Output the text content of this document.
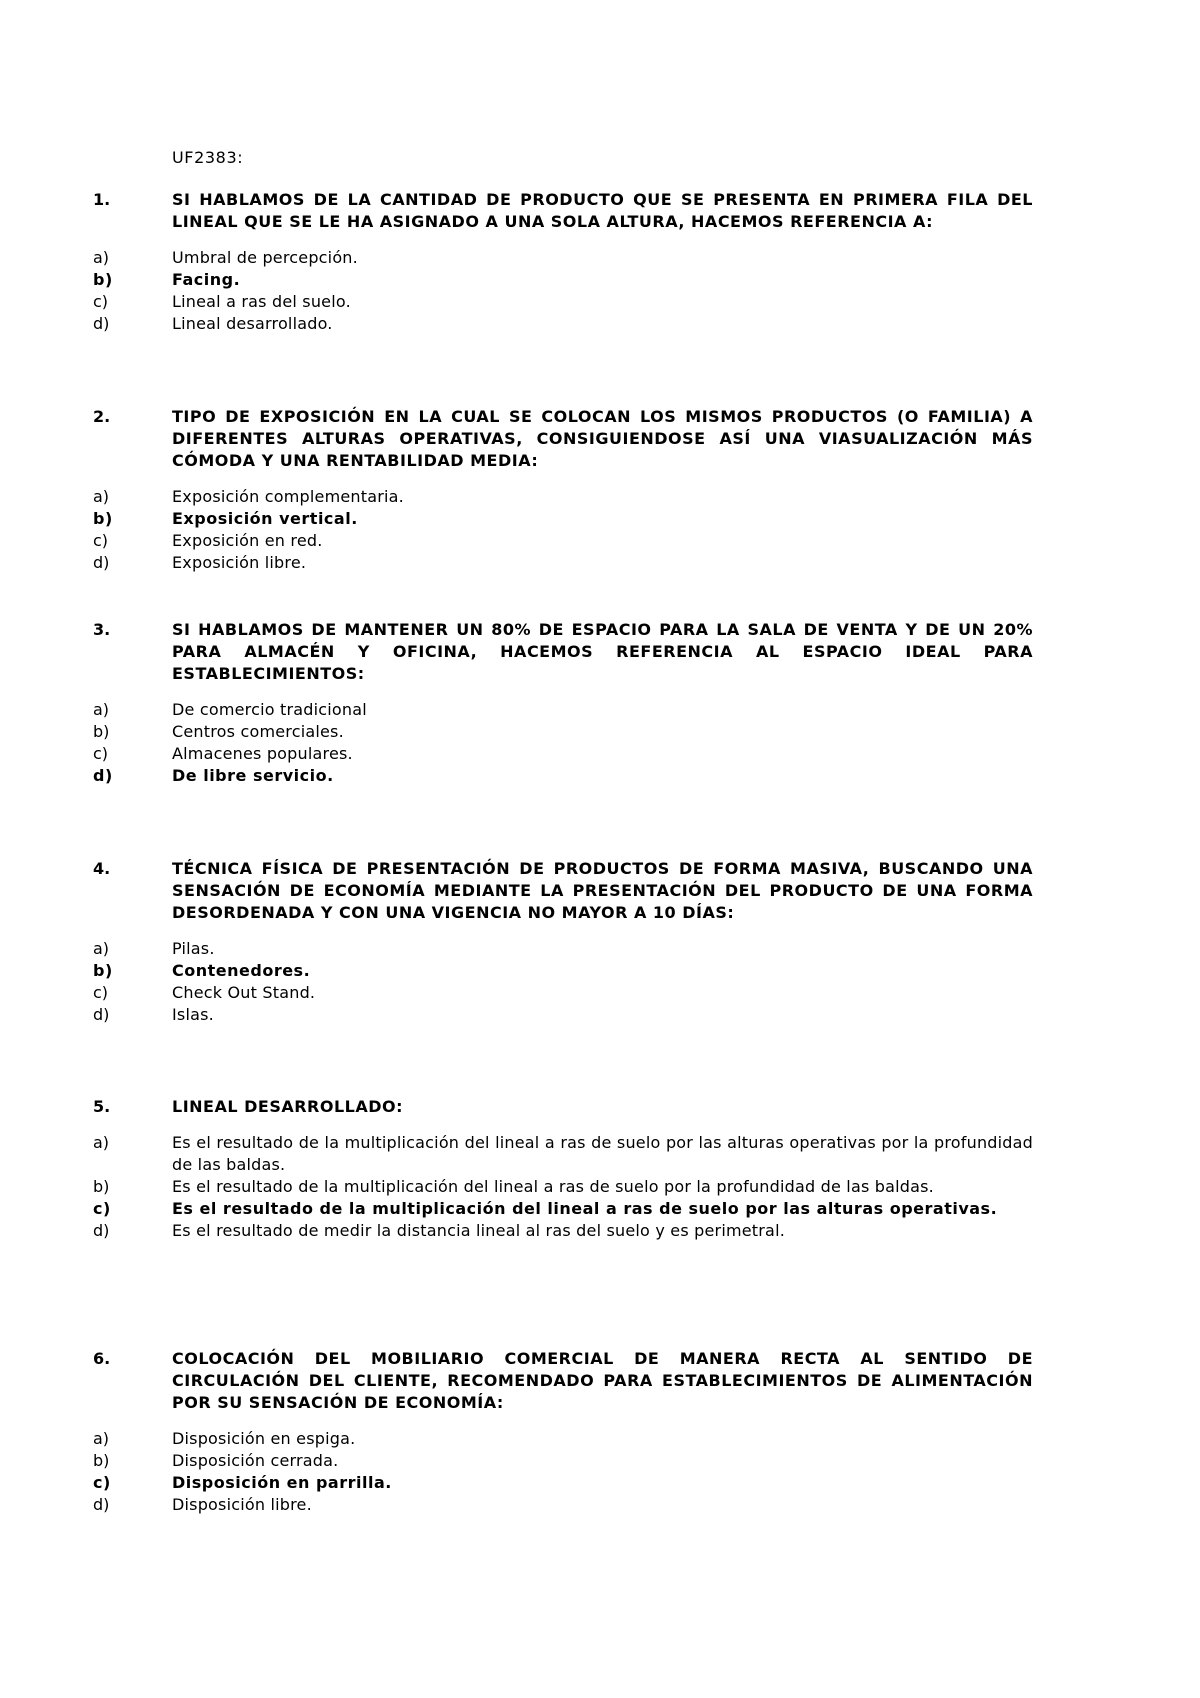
UF2383:
1.	SI HABLAMOS DE LA CANTIDAD DE PRODUCTO QUE SE PRESENTA EN PRIMERA FILA DEL LINEAL QUE SE LE HA ASIGNADO A UNA SOLA ALTURA, HACEMOS REFERENCIA A:
a)	Umbral de percepción.
b)	Facing.
c)	Lineal a ras del suelo.
d)	Lineal desarrollado.
2.	TIPO DE EXPOSICIÓN EN LA CUAL SE COLOCAN LOS MISMOS PRODUCTOS (O FAMILIA) A DIFERENTES ALTURAS OPERATIVAS, CONSIGUIENDOSE ASÍ UNA VIASUALIZACIÓN MÁS CÓMODA Y UNA RENTABILIDAD MEDIA:
a)	Exposición complementaria.
b)	Exposición vertical.
c)	Exposición en red.
d)	Exposición libre.
3.	SI HABLAMOS DE MANTENER UN 80% DE ESPACIO PARA LA SALA DE VENTA Y DE UN 20% PARA ALMACÉN Y OFICINA, HACEMOS REFERENCIA AL ESPACIO IDEAL PARA ESTABLECIMIENTOS:
a)	De comercio tradicional
b)	Centros comerciales.
c)	Almacenes populares.
d)	De libre servicio.
4.	TÉCNICA FÍSICA DE PRESENTACIÓN DE PRODUCTOS DE FORMA MASIVA, BUSCANDO UNA SENSACIÓN DE ECONOMÍA MEDIANTE LA PRESENTACIÓN DEL PRODUCTO DE UNA FORMA DESORDENADA Y CON UNA VIGENCIA NO MAYOR A 10 DÍAS:
a)	Pilas.
b)	Contenedores.
c)	Check Out Stand.
d)	Islas.
5.	LINEAL DESARROLLADO:
a)	Es el resultado de la multiplicación del lineal a ras de suelo por las alturas operativas por la profundidad de las baldas.
b)	Es el resultado de la multiplicación del lineal a ras de suelo por la profundidad de las baldas.
c)	Es el resultado de la multiplicación del lineal a ras de suelo por las alturas operativas.
d)	Es el resultado de medir la distancia lineal al ras del suelo y es perimetral.
6.	COLOCACIÓN DEL MOBILIARIO COMERCIAL DE MANERA RECTA AL SENTIDO DE CIRCULACIÓN DEL CLIENTE, RECOMENDADO PARA ESTABLECIMIENTOS DE ALIMENTACIÓN POR SU SENSACIÓN DE ECONOMÍA:
a)	Disposición en espiga.
b)	Disposición cerrada.
c)	Disposición en parrilla.
d)	Disposición libre.
